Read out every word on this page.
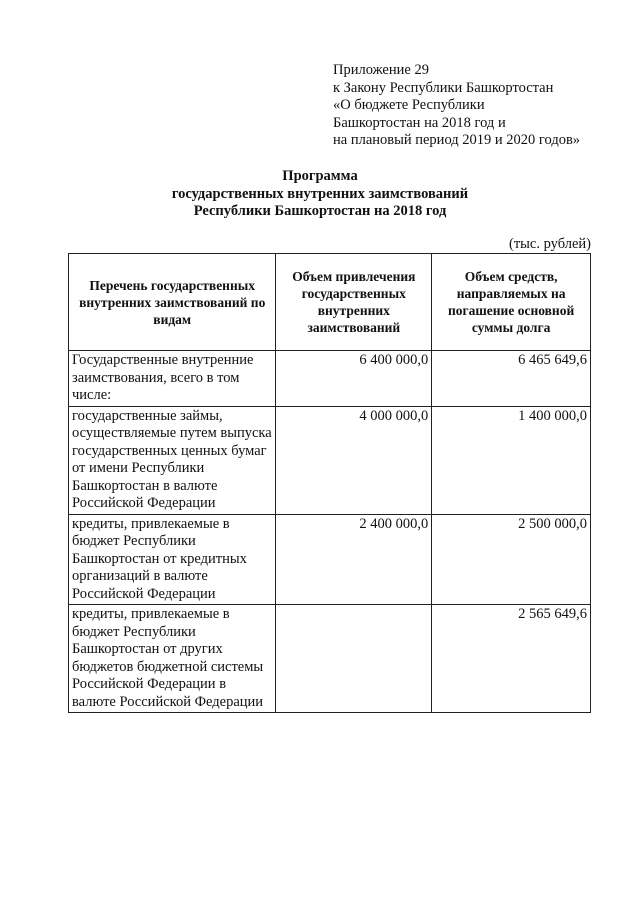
Приложение 29
к Закону Республики Башкортостан
«О бюджете Республики
Башкортостан на 2018 год и
на плановый период 2019 и 2020 годов»
Программа
государственных внутренних заимствований
Республики Башкортостан на 2018 год
(тыс. рублей)
Перечень государственных внутренних заимствований по видам	Объем привлечения государственных внутренних заимствований	Объем средств, направляемых на погашение основной суммы долга
Государственные внутренние заимствования, всего в том числе:	6 400 000,0	6 465 649,6
государственные займы, осуществляемые путем выпуска государственных ценных бумаг от имени Республики Башкортостан в валюте Российской Федерации	4 000 000,0	1 400 000,0
кредиты, привлекаемые в бюджет Республики Башкортостан от кредитных организаций в валюте Российской Федерации	2 400 000,0	2 500 000,0
кредиты, привлекаемые в бюджет Республики Башкортостан от других бюджетов бюджетной системы Российской Федерации в валюте Российской Федерации		2 565 649,6
